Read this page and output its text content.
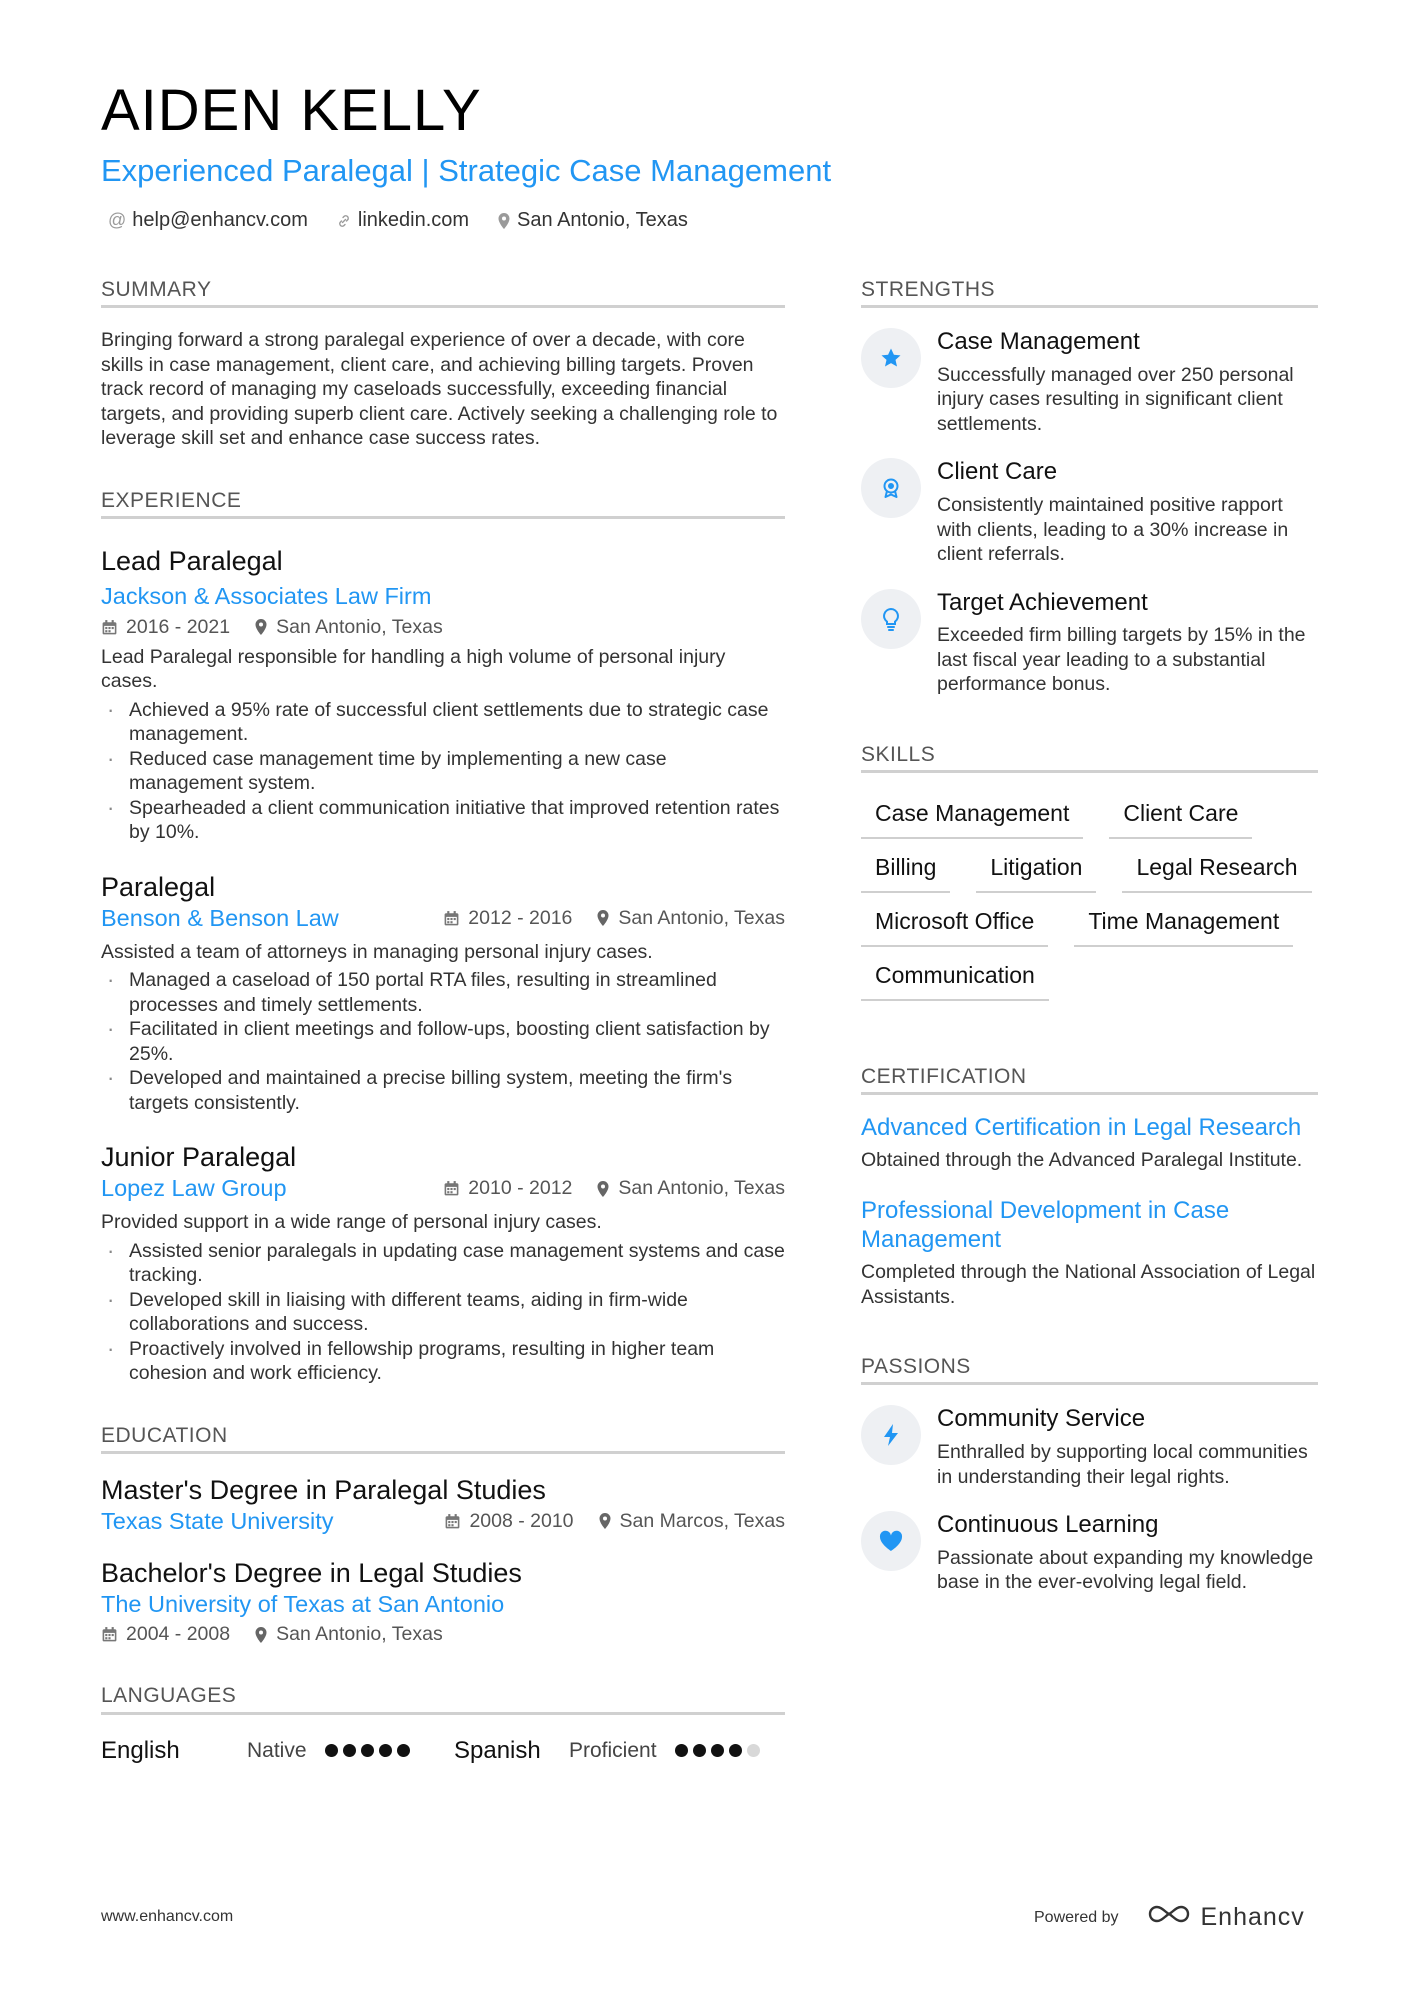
AIDEN KELLY
Experienced Paralegal | Strategic Case Management
@ help@enhancv.com	linkedin.com San Antonio, Texas
SUMMARY
Bringing forward a strong paralegal experience of over a decade, with core skills in case management, client care, and achieving billing targets. Proven track record of managing my caseloads successfully, exceeding financial targets, and providing superb client care. Actively seeking a challenging role to leverage skill set and enhance case success rates.
EXPERIENCE
Lead Paralegal
Jackson & Associates Law Firm
2016 - 2021 San Antonio, Texas
Lead Paralegal responsible for handling a high volume of personal injury cases.
· Achieved a 95% rate of successful client settlements due to strategic case management.
· Reduced case management time by implementing a new case management system.
· Spearheaded a client communication initiative that improved retention rates by 10%.
Paralegal
Benson & Benson Law	2012 - 2016 San Antonio, Texas
Assisted a team of attorneys in managing personal injury cases.
· Managed a caseload of 150 portal RTA files, resulting in streamlined processes and timely settlements.
· Facilitated in client meetings and follow-ups, boosting client satisfaction by 25%.
· Developed and maintained a precise billing system, meeting the firm's targets consistently.
Junior Paralegal
Lopez Law Group	2010 - 2012 San Antonio, Texas
Provided support in a wide range of personal injury cases.
· Assisted senior paralegals in updating case management systems and case tracking.
· Developed skill in liaising with different teams, aiding in firm-wide collaborations and success.
· Proactively involved in fellowship programs, resulting in higher team cohesion and work efficiency.
EDUCATION
Master's Degree in Paralegal Studies
Texas State University	2008 - 2010 San Marcos, Texas
Bachelor's Degree in Legal Studies
The University of Texas at San Antonio
2004 - 2008 San Antonio, Texas
LANGUAGES
English	Native	Spanish	Proficient
STRENGTHS
Case Management
Successfully managed over 250 personal injury cases resulting in significant client settlements.
Client Care
Consistently maintained positive rapport with clients, leading to a 30% increase in client referrals.
Target Achievement
Exceeded firm billing targets by 15% in the last fiscal year leading to a substantial performance bonus.
SKILLS
Case Management	Client Care
Billing	Litigation	Legal Research
Microsoft Office	Time Management
Communication
CERTIFICATION
Advanced Certification in Legal Research
Obtained through the Advanced Paralegal Institute.
Professional Development in Case Management
Completed through the National Association of Legal Assistants.
PASSIONS
Community Service
Enthralled by supporting local communities in understanding their legal rights.
Continuous Learning
Passionate about expanding my knowledge base in the ever-evolving legal field.
www.enhancv.com	Powered by	Enhancv
